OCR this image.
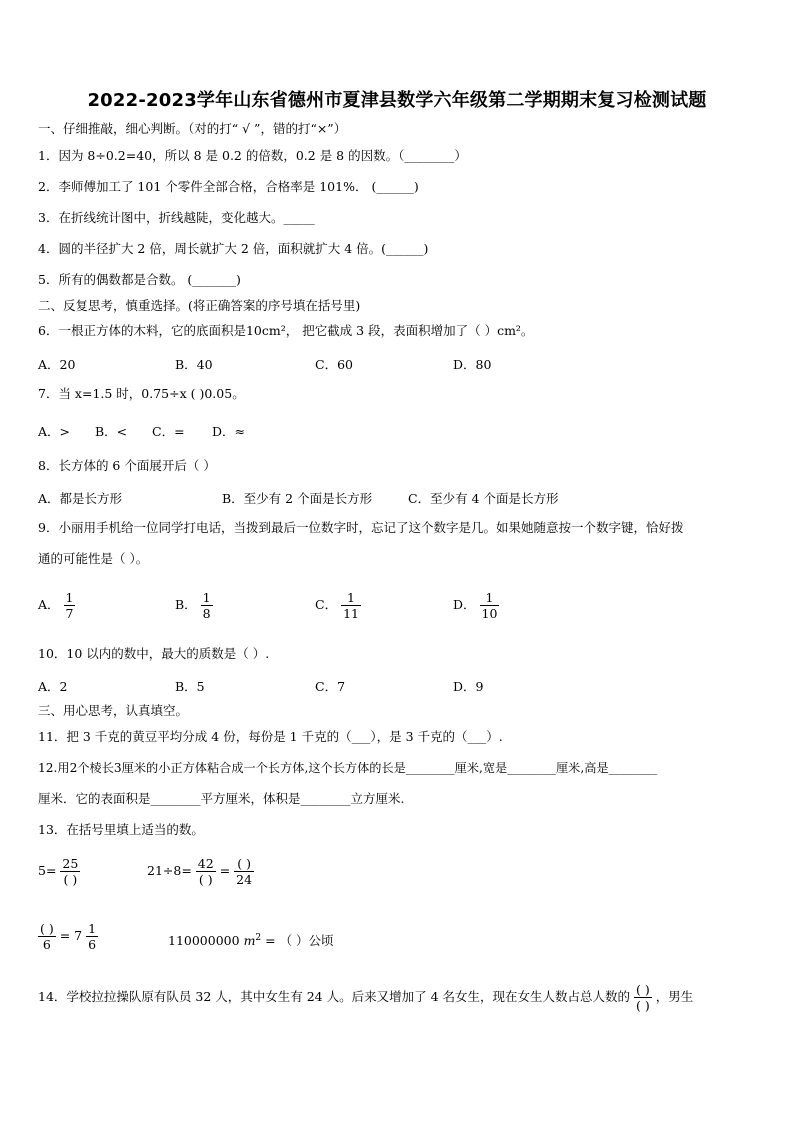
2022-2023学年山东省德州市夏津县数学六年级第二学期期末复习检测试题
一、仔细推敲，细心判断。（对的打“ √ ”，错的打“×”）
1．因为 8÷0.2=40，所以 8 是 0.2 的倍数，0.2 是 8 的因数。（________）
2．李师傅加工了 101 个零件全部合格，合格率是 101%． (______)
3．在折线统计图中，折线越陡，变化越大。_____
4．圆的半径扩大 2 倍，周长就扩大 2 倍，面积就扩大 4 倍。(______)
5．所有的偶数都是合数。 (_______)
二、反复思考，慎重选择。(将正确答案的序号填在括号里)
6．一根正方体的木料，它的底面积是10cm²， 把它截成 3 段，表面积增加了（ ）cm²。
A．20	B．40	C．60	D．80
7．当 x=1.5 时，0.75÷x ( )0.05。
A．> B．< C．= D．≈
8．长方体的 6 个面展开后（ ）
A．都是长方形	B．至少有 2 个面是长方形	C．至少有 4 个面是长方形
9．小丽用手机给一位同学打电话，当拨到最后一位数字时，忘记了这个数字是几。如果她随意按一个数字键，恰好拨
通的可能性是（ ）。
A． $\frac{1}{7}$	B． $\frac{1}{8}$	C． $\frac{1}{11}$	D． $\frac{1}{10}$
10．10 以内的数中，最大的质数是（ ）.
A．2	B．5	C．7	D．9
三、用心思考，认真填空。
11．把 3 千克的黄豆平均分成 4 份，每份是 1 千克的（___），是 3 千克的（___）.
12.用2个棱长3厘米的小正方体粘合成一个长方体,这个长方体的长是________厘米,宽是________厘米,高是________
厘米．它的表面积是________平方厘米，体积是________立方厘米.
13．在括号里填上适当的数。
$5= \frac{25}{( )}$	$21\div 8= \frac{42}{( )} = \frac{( )}{24}$
$\frac{( )}{6} = 7 \frac{1}{6}$	110000000 $m^2$ = （ ）公顷
14．学校拉拉操队原有队员 32 人，其中女生有 24 人。后来又增加了 4 名女生，现在女生人数占总人数的 $\frac{( )}{( )}$ ，男生
